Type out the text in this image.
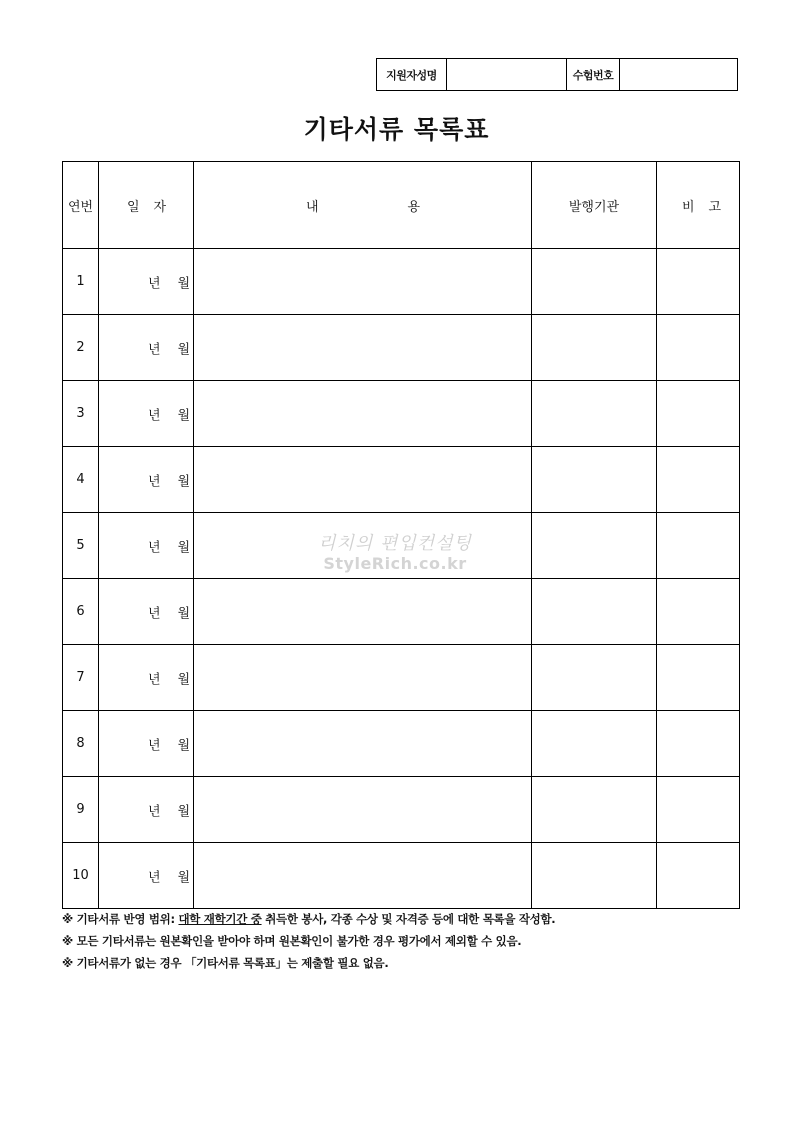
지원자성명	수험번호
기타서류 목록표
연번	일 자	내 용	발행기관	비 고

1	년 월			

2	년 월			

3	년 월			

4	년 월			

5	년 월			

6	년 월			

7	년 월			

8	년 월			

9	년 월			

10	년 월			

리치의 편입컨설팅
StyleRich.co.kr
※ 기타서류 반영 범위: 대학 재학기간 중 취득한 봉사, 각종 수상 및 자격증 등에 대한 목록을 작성함.
※ 모든 기타서류는 원본확인을 받아야 하며 원본확인이 불가한 경우 평가에서 제외할 수 있음.
※ 기타서류가 없는 경우 「기타서류 목록표」는 제출할 필요 없음.
